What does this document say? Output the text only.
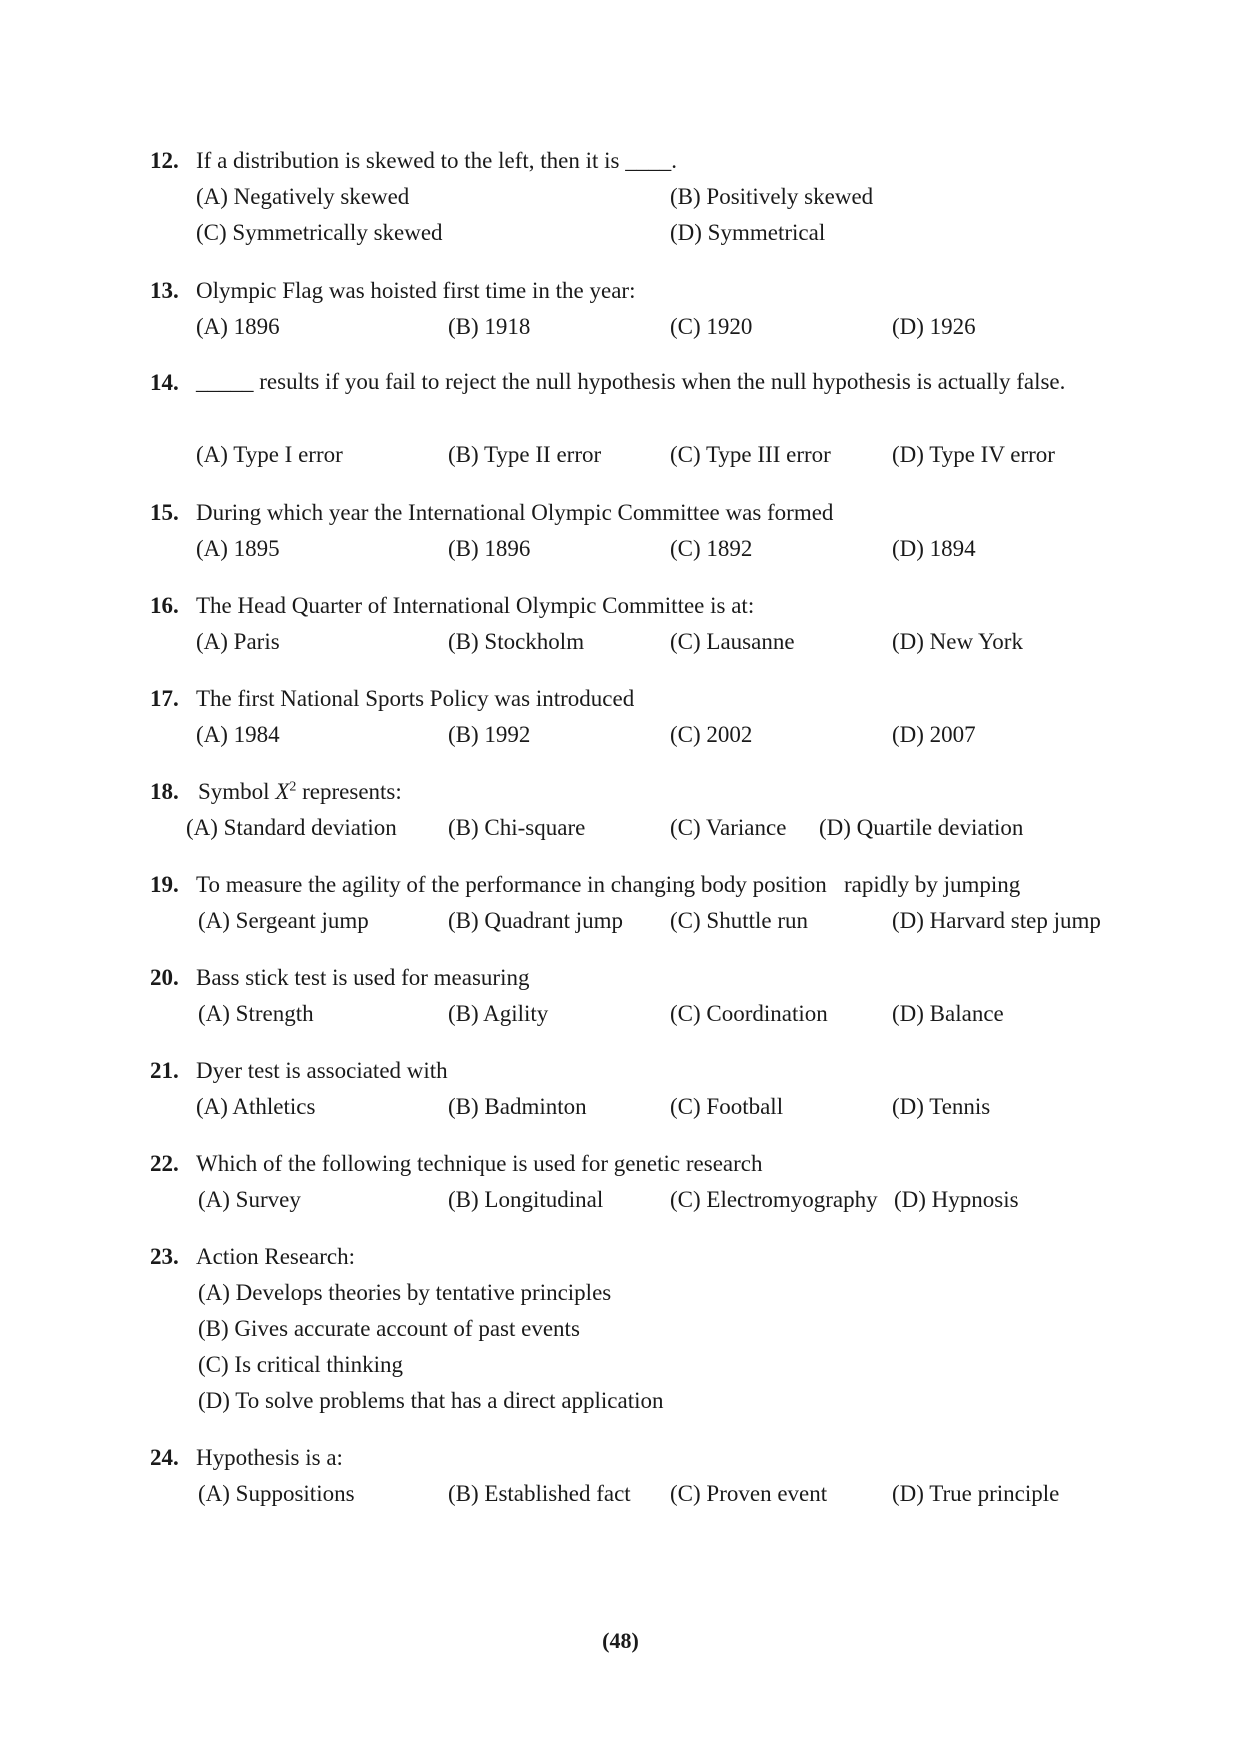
12. If a distribution is skewed to the left, then it is ____.
(A) Negatively skewed	(B) Positively skewed
(C) Symmetrically skewed	(D) Symmetrical
13. Olympic Flag was hoisted first time in the year:
(A) 1896	(B) 1918	(C) 1920	(D) 1926
14. _____ results if you fail to reject the null hypothesis when the null hypothesis is actually false.
(A) Type I error	(B) Type II error	(C) Type III error	(D) Type IV error
15. During which year the International Olympic Committee was formed
(A) 1895	(B) 1896	(C) 1892	(D) 1894
16. The Head Quarter of International Olympic Committee is at:
(A) Paris	(B) Stockholm	(C) Lausanne	(D) New York
17. The first National Sports Policy was introduced
(A) 1984	(B) 1992	(C) 2002	(D) 2007
18. Symbol $X^2$ represents:
(A) Standard deviation (B) Chi-square	(C) Variance (D) Quartile deviation
19. To measure the agility of the performance in changing body position   rapidly by jumping
(A) Sergeant jump	(B) Quadrant jump (C) Shuttle run	(D) Harvard step jump
20. Bass stick test is used for measuring
(A) Strength	(B) Agility	(C) Coordination	(D) Balance
21. Dyer test is associated with
(A) Athletics	(B) Badminton	(C) Football	(D) Tennis
22. Which of the following technique is used for genetic research
(A) Survey	(B) Longitudinal	(C) Electromyography (D) Hypnosis
23. Action Research:
(A) Develops theories by tentative principles
(B) Gives accurate account of past events
(C) Is critical thinking
(D) To solve problems that has a direct application
24. Hypothesis is a:
(A) Suppositions	(B) Established fact (C) Proven event	(D) True principle
(48)
